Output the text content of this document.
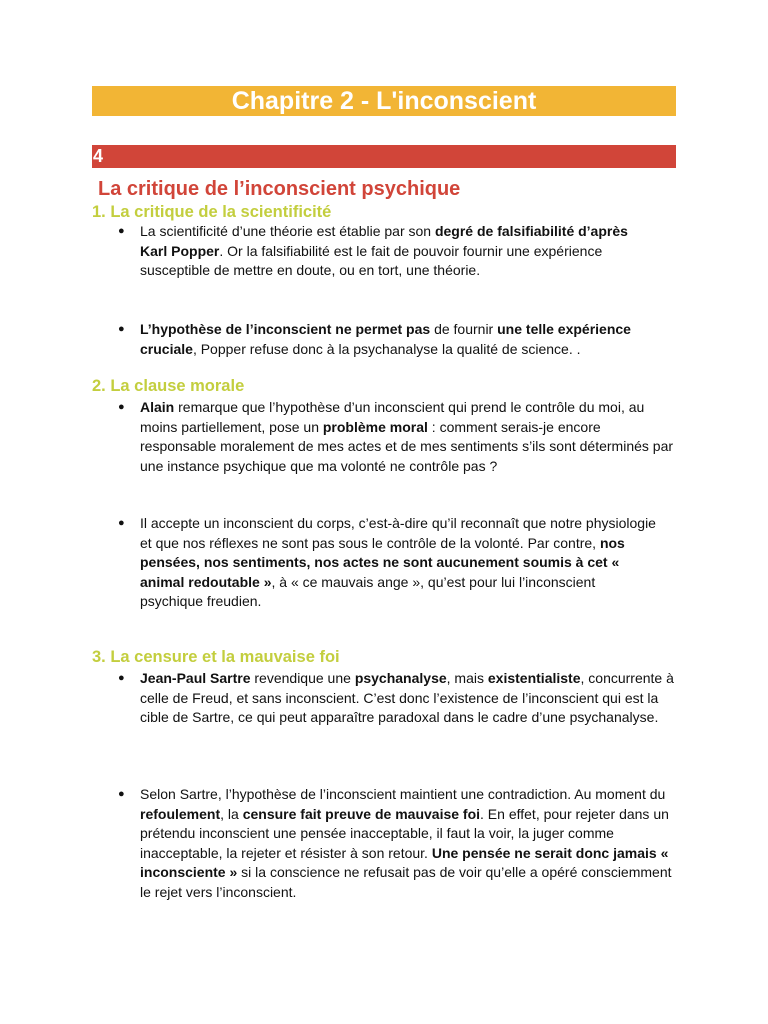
Chapitre 2 - L'inconscient
4
La critique de l’inconscient psychique
1. La critique de la scientificité

● La scientificité d’une théorie est établie par son degré de falsifiabilité d’après Karl Popper. Or la falsifiabilité est le fait de pouvoir fournir une expérience susceptible de mettre en doute, ou en tort, une théorie.

● L’hypothèse de l’inconscient ne permet pas de fournir une telle expérience cruciale, Popper refuse donc à la psychanalyse la qualité de science. .

2. La clause morale

● Alain remarque que l’hypothèse d’un inconscient qui prend le contrôle du moi, au moins partiellement, pose un problème moral : comment serais-je encore responsable moralement de mes actes et de mes sentiments s’ils sont déterminés par une instance psychique que ma volonté ne contrôle pas ?

● Il accepte un inconscient du corps, c’est-à-dire qu’il reconnaît que notre physiologie et que nos réflexes ne sont pas sous le contrôle de la volonté. Par contre, nos pensées, nos sentiments, nos actes ne sont aucunement soumis à cet « animal redoutable », à « ce mauvais ange », qu’est pour lui l’inconscient psychique freudien.

3. La censure et la mauvaise foi

● Jean-Paul Sartre revendique une psychanalyse, mais existentialiste, concurrente à celle de Freud, et sans inconscient. C’est donc l’existence de l’inconscient qui est la cible de Sartre, ce qui peut apparaître paradoxal dans le cadre d’une psychanalyse.

● Selon Sartre, l’hypothèse de l’inconscient maintient une contradiction. Au moment du refoulement, la censure fait preuve de mauvaise foi. En effet, pour rejeter dans un prétendu inconscient une pensée inacceptable, il faut la voir, la juger comme inacceptable, la rejeter et résister à son retour. Une pensée ne serait donc jamais « inconsciente » si la conscience ne refusait pas de voir qu’elle a opéré consciemment le rejet vers l’inconscient.
